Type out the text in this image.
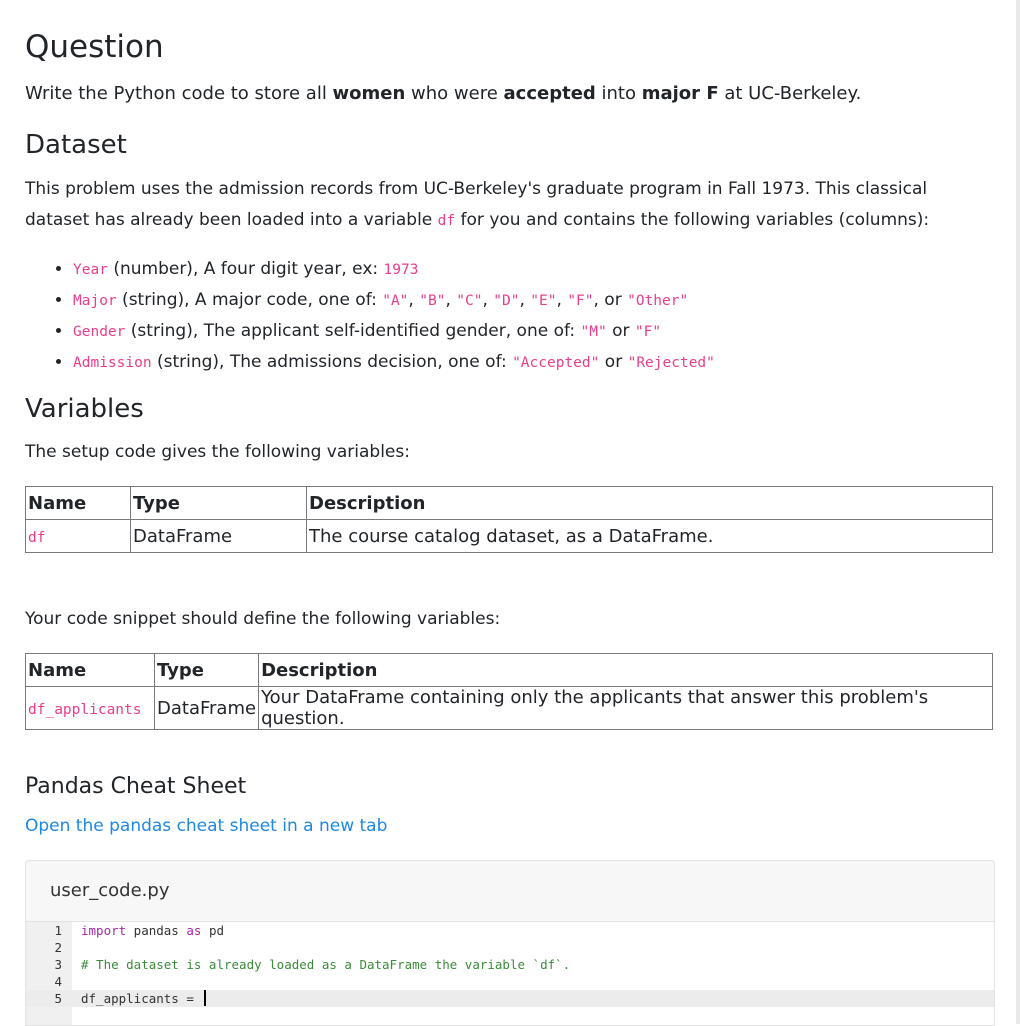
Question
Write the Python code to store all women who were accepted into major F at UC-Berkeley.
Dataset
This problem uses the admission records from UC-Berkeley's graduate program in Fall 1973. This classical dataset has already been loaded into a variable df for you and contains the following variables (columns):
• Year (number), A four digit year, ex: 1973
• Major (string), A major code, one of: "A", "B", "C", "D", "E", "F", or "Other"
• Gender (string), The applicant self-identified gender, one of: "M" or "F"
• Admission (string), The admissions decision, one of: "Accepted" or "Rejected"
Variables
The setup code gives the following variables:
Name	Type	Description
df	DataFrame	The course catalog dataset, as a DataFrame.
Your code snippet should define the following variables:
Name	Type	Description
df_applicants	DataFrame	Your DataFrame containing only the applicants that answer this problem's question.
Pandas Cheat Sheet
Open the pandas cheat sheet in a new tab
user_code.py
1 import pandas as pd
2
3 # The dataset is already loaded as a DataFrame the variable `df`.
4
5 df_applicants =
